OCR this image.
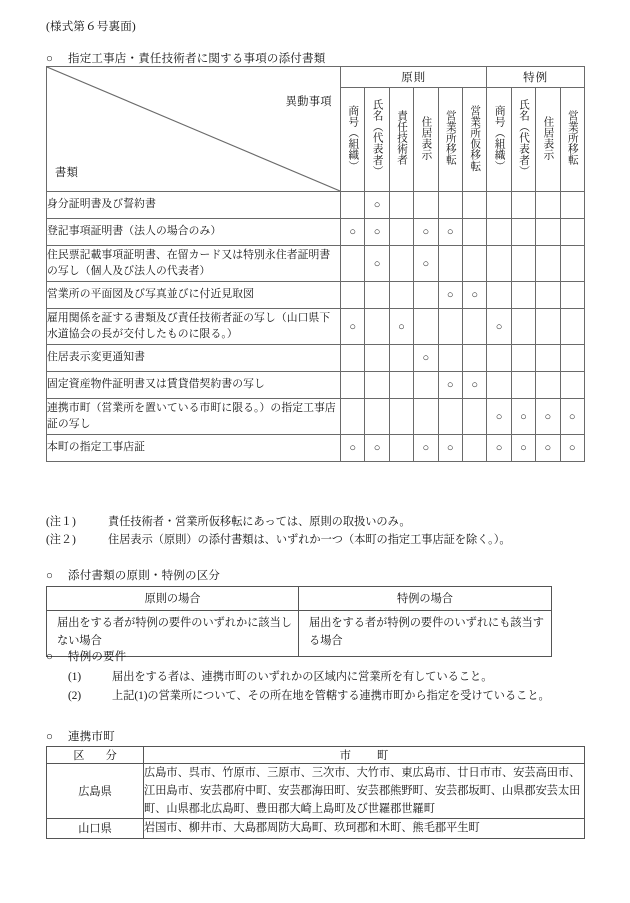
(様式第６号裏面)
○ 指定工事店・責任技術者に関する事項の添付書類
異動事項
書類	原則						特例			
	商号（組織）	氏名（代表者）	責任技術者	住居表示	営業所移転	営業所仮移転	商号（組織）	氏名（代表者）	住居表示	営業所移転
身分証明書及び誓約書		○								
登記事項証明書（法人の場合のみ）	○	○		○	○					
住民票記載事項証明書、在留カード又は特別永住者証明書の写し（個人及び法人の代表者）		○		○						
営業所の平面図及び写真並びに付近見取図					○	○				
雇用関係を証する書類及び責任技術者証の写し（山口県下水道協会の長が交付したものに限る。）	○		○				○			
住居表示変更通知書				○						
固定資産物件証明書又は賃貸借契約書の写し					○	○				
連携市町（営業所を置いている市町に限る。）の指定工事店証の写し							○	○	○	○
本町の指定工事店証	○	○		○	○		○	○	○	○
(注１)	責任技術者・営業所仮移転にあっては、原則の取扱いのみ。
(注２)	住居表示（原則）の添付書類は、いずれか一つ（本町の指定工事店証を除く。）。
○ 添付書類の原則・特例の区分
原則の場合	特例の場合
届出をする者が特例の要件のいずれかに該当しない場合	届出をする者が特例の要件のいずれにも該当する場合
○ 特例の要件
(1)	届出をする者は、連携市町のいずれかの区域内に営業所を有していること。
(2)	上記(1)の営業所について、その所在地を管轄する連携市町から指定を受けていること。
○ 連携市町
区　分	市 町
広島県	広島市、呉市、竹原市、三原市、三次市、大竹市、東広島市、廿日市市、安芸高田市、江田島市、安芸郡府中町、安芸郡海田町、安芸郡熊野町、安芸郡坂町、山県郡安芸太田町、山県郡北広島町、豊田郡大崎上島町及び世羅郡世羅町
山口県	岩国市、柳井市、大島郡周防大島町、玖珂郡和木町、熊毛郡平生町
